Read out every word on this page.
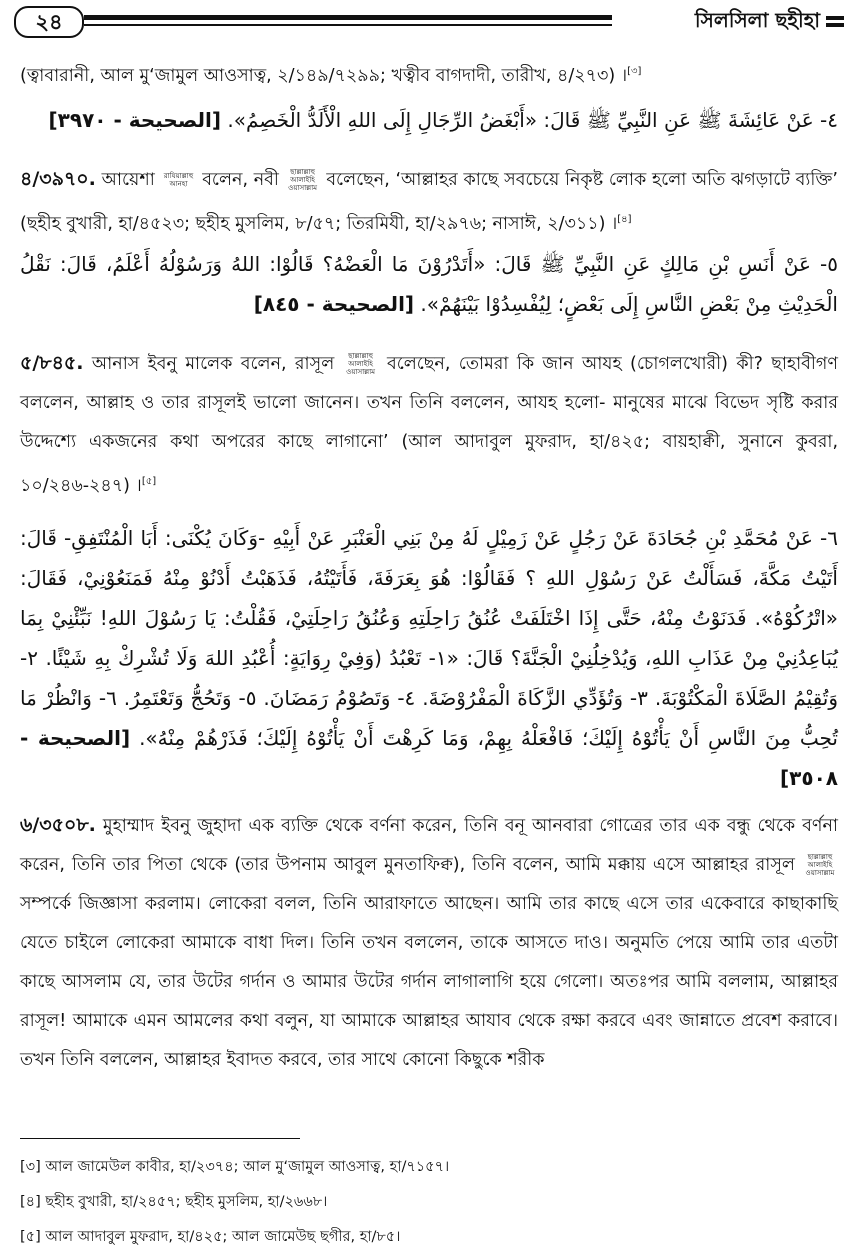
২৪	সিলসিলা ছহীহা
(ত্বাবারানী, আল মু‘জামুল আওসাত্ব, ২/১৪৯/৭২৯৯; খত্বীব বাগদাদী, তারীখ, ৪/২৭৩) ।[৩]
٤- عَنْ عَائِشَةَ ﷺ عَنِ النَّبِيِّ ﷺ قَالَ: «أَبْغَضُ الرِّجَالِ إِلَى اللهِ الْأَلَدُّ الْخَصِمُ». [الصحيحة - ٣٩٧٠]
৪/৩৯৭০. আয়েশা রাযিয়াল্লাহু আনহা বলেন, নবী ছাল্লাল্লাহু আলাইহি ওয়াসাল্লাম বলেছেন, ‘আল্লাহর কাছে সবচেয়ে নিকৃষ্ট লোক হলো অতি ঝগড়াটে ব্যক্তি’ (ছহীহ বুখারী, হা/৪৫২৩; ছহীহ মুসলিম, ৮/৫৭; তিরমিযী, হা/২৯৭৬; নাসাঈ, ২/৩১১) ।[৪]
٥- عَنْ أَنَسِ بْنِ مَالِكٍ عَنِ النَّبِيِّ ﷺ قَالَ: «أَتَدْرُوْنَ مَا الْعَضْهُ؟ قَالُوْا: اللهُ وَرَسُوْلُهُ أَعْلَمُ، قَالَ: نَقْلُ الْحَدِيْثِ مِنْ بَعْضِ النَّاسِ إِلَى بَعْضٍ؛ لِيُفْسِدُوْا بَيْنَهُمْ». [الصحيحة - ٨٤٥]
৫/৮৪৫. আনাস ইবনু মালেক বলেন, রাসূল ছাল্লাল্লাহু আলাইহি ওয়াসাল্লাম বলেছেন, তোমরা কি জান আযহ (চোগলখোরী) কী? ছাহাবীগণ বললেন, আল্লাহ ও তার রাসূলই ভালো জানেন। তখন তিনি বললেন, আযহ হলো- মানুষের মাঝে বিভেদ সৃষ্টি করার উদ্দেশ্যে একজনের কথা অপরের কাছে লাগানো’ (আল আদাবুল মুফরাদ, হা/৪২৫; বায়হাক্বী, সুনানে কুবরা, ১০/২৪৬-২৪৭) ।[৫]
٦- عَنْ مُحَمَّدِ بْنِ جُحَادَةَ عَنْ رَجُلٍ عَنْ زَمِيْلٍ لَهُ مِنْ بَنِي الْعَنْبَرِ عَنْ أَبِيْهِ -وَكَانَ يُكْنَى: أَبَا الْمُنْتَفِقِ- قَالَ: أَتَيْتُ مَكَّةَ، فَسَأَلْتُ عَنْ رَسُوْلِ اللهِ ؟ فَقَالُوْا: هُوَ بِعَرَفَةَ، فَأَتَيْتُهُ، فَذَهَبْتُ أَدْنُوْ مِنْهُ فَمَنَعُوْنِيْ، فَقَالَ: «اتْرُكُوْهُ». فَدَنَوْتُ مِنْهُ، حَتَّى إِذَا اخْتَلَفَتْ عُنُقُ رَاحِلَتِهِ وَعُنُقُ رَاحِلَتِيْ، فَقُلْتُ: يَا رَسُوْلَ اللهِ! نَبِّئْنِيْ بِمَا يُبَاعِدُنِيْ مِنْ عَذَابِ اللهِ، وَيُدْخِلُنِيْ الْجَنَّةَ؟ قَالَ: «١- تَعْبُدُ (وَفِيْ رِوَايَةٍ: أُعْبُدِ اللهَ وَلَا تُشْرِكْ بِهِ شَيْئًا. ٢- وَتُقِيْمُ الصَّلَاةَ الْمَكْتُوْبَةَ. ٣- وَتُؤَدِّي الزَّكَاةَ الْمَفْرُوْضَةَ. ٤- وَتَصُوْمُ رَمَضَانَ. ٥- وَتَحُجُّ وَتَعْتَمِرُ. ٦- وَانْظُرْ مَا تُحِبُّ مِنَ النَّاسِ أَنْ يَأْتُوْهُ إِلَيْكَ؛ فَافْعَلْهُ بِهِمْ، وَمَا كَرِهْتَ أَنْ يَأْتُوْهُ إِلَيْكَ؛ فَذَرْهُمْ مِنْهُ». [الصحيحة - ٣٥٠٨]
৬/৩৫০৮. মুহাম্মাদ ইবনু জুহাদা এক ব্যক্তি থেকে বর্ণনা করেন, তিনি বনূ আনবারা গোত্রের তার এক বন্ধু থেকে বর্ণনা করেন, তিনি তার পিতা থেকে (তার উপনাম আবুল মুনতাফিক্ব), তিনি বলেন, আমি মক্কায় এসে আল্লাহর রাসূল ছাল্লাল্লাহু আলাইহি ওয়াসাল্লাম সম্পর্কে জিজ্ঞাসা করলাম। লোকেরা বলল, তিনি আরাফাতে আছেন। আমি তার কাছে এসে তার একেবারে কাছাকাছি যেতে চাইলে লোকেরা আমাকে বাধা দিল। তিনি তখন বললেন, তাকে আসতে দাও। অনুমতি পেয়ে আমি তার এতটা কাছে আসলাম যে, তার উটের গর্দান ও আমার উটের গর্দান লাগালাগি হয়ে গেলো। অতঃপর আমি বললাম, আল্লাহর রাসূল! আমাকে এমন আমলের কথা বলুন, যা আমাকে আল্লাহর আযাব থেকে রক্ষা করবে এবং জান্নাতে প্রবেশ করাবে। তখন তিনি বললেন, আল্লাহর ইবাদত করবে, তার সাথে কোনো কিছুকে শরীক
[৩] আল জামেউল কাবীর, হা/২৩৭৪; আল মু‘জামুল আওসাত্ব, হা/৭১৫৭।
[৪] ছহীহ বুখারী, হা/২৪৫৭; ছহীহ মুসলিম, হা/২৬৬৮।
[৫] আল আদাবুল মুফরাদ, হা/৪২৫; আল জামেউছ ছগীর, হা/৮৫।
